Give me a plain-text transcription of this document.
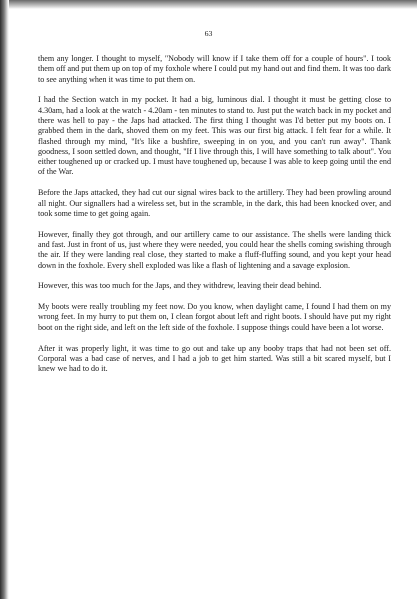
63

them any longer. I thought to myself, "Nobody will know if I take them off for a couple of hours". I took them off and put them up on top of my foxhole where I could put my hand out and find them. It was too dark to see anything when it was time to put them on.

I had the Section watch in my pocket. It had a big, luminous dial. I thought it must be getting close to 4.30am, had a look at the watch - 4.20am - ten minutes to stand to. Just put the watch back in my pocket and there was hell to pay - the Japs had attacked. The first thing I thought was I'd better put my boots on. I grabbed them in the dark, shoved them on my feet. This was our first big attack. I felt fear for a while. It flashed through my mind, "It's like a bushfire, sweeping in on you, and you can't run away". Thank goodness, I soon settled down, and thought, "If I live through this, I will have something to talk about". You either toughened up or cracked up. I must have toughened up, because I was able to keep going until the end of the War.

Before the Japs attacked, they had cut our signal wires back to the artillery. They had been prowling around all night. Our signallers had a wireless set, but in the scramble, in the dark, this had been knocked over, and took some time to get going again.

However, finally they got through, and our artillery came to our assistance. The shells were landing thick and fast. Just in front of us, just where they were needed, you could hear the shells coming swishing through the air. If they were landing real close, they started to make a fluff-fluffing sound, and you kept your head down in the foxhole. Every shell exploded was like a flash of lightening and a savage explosion.

However, this was too much for the Japs, and they withdrew, leaving their dead behind.

My boots were really troubling my feet now. Do you know, when daylight came, I found I had them on my wrong feet. In my hurry to put them on, I clean forgot about left and right boots. I should have put my right boot on the right side, and left on the left side of the foxhole. I suppose things could have been a lot worse.

After it was properly light, it was time to go out and take up any booby traps that had not been set off. Corporal was a bad case of nerves, and I had a job to get him started. Was still a bit scared myself, but I knew we had to do it.
